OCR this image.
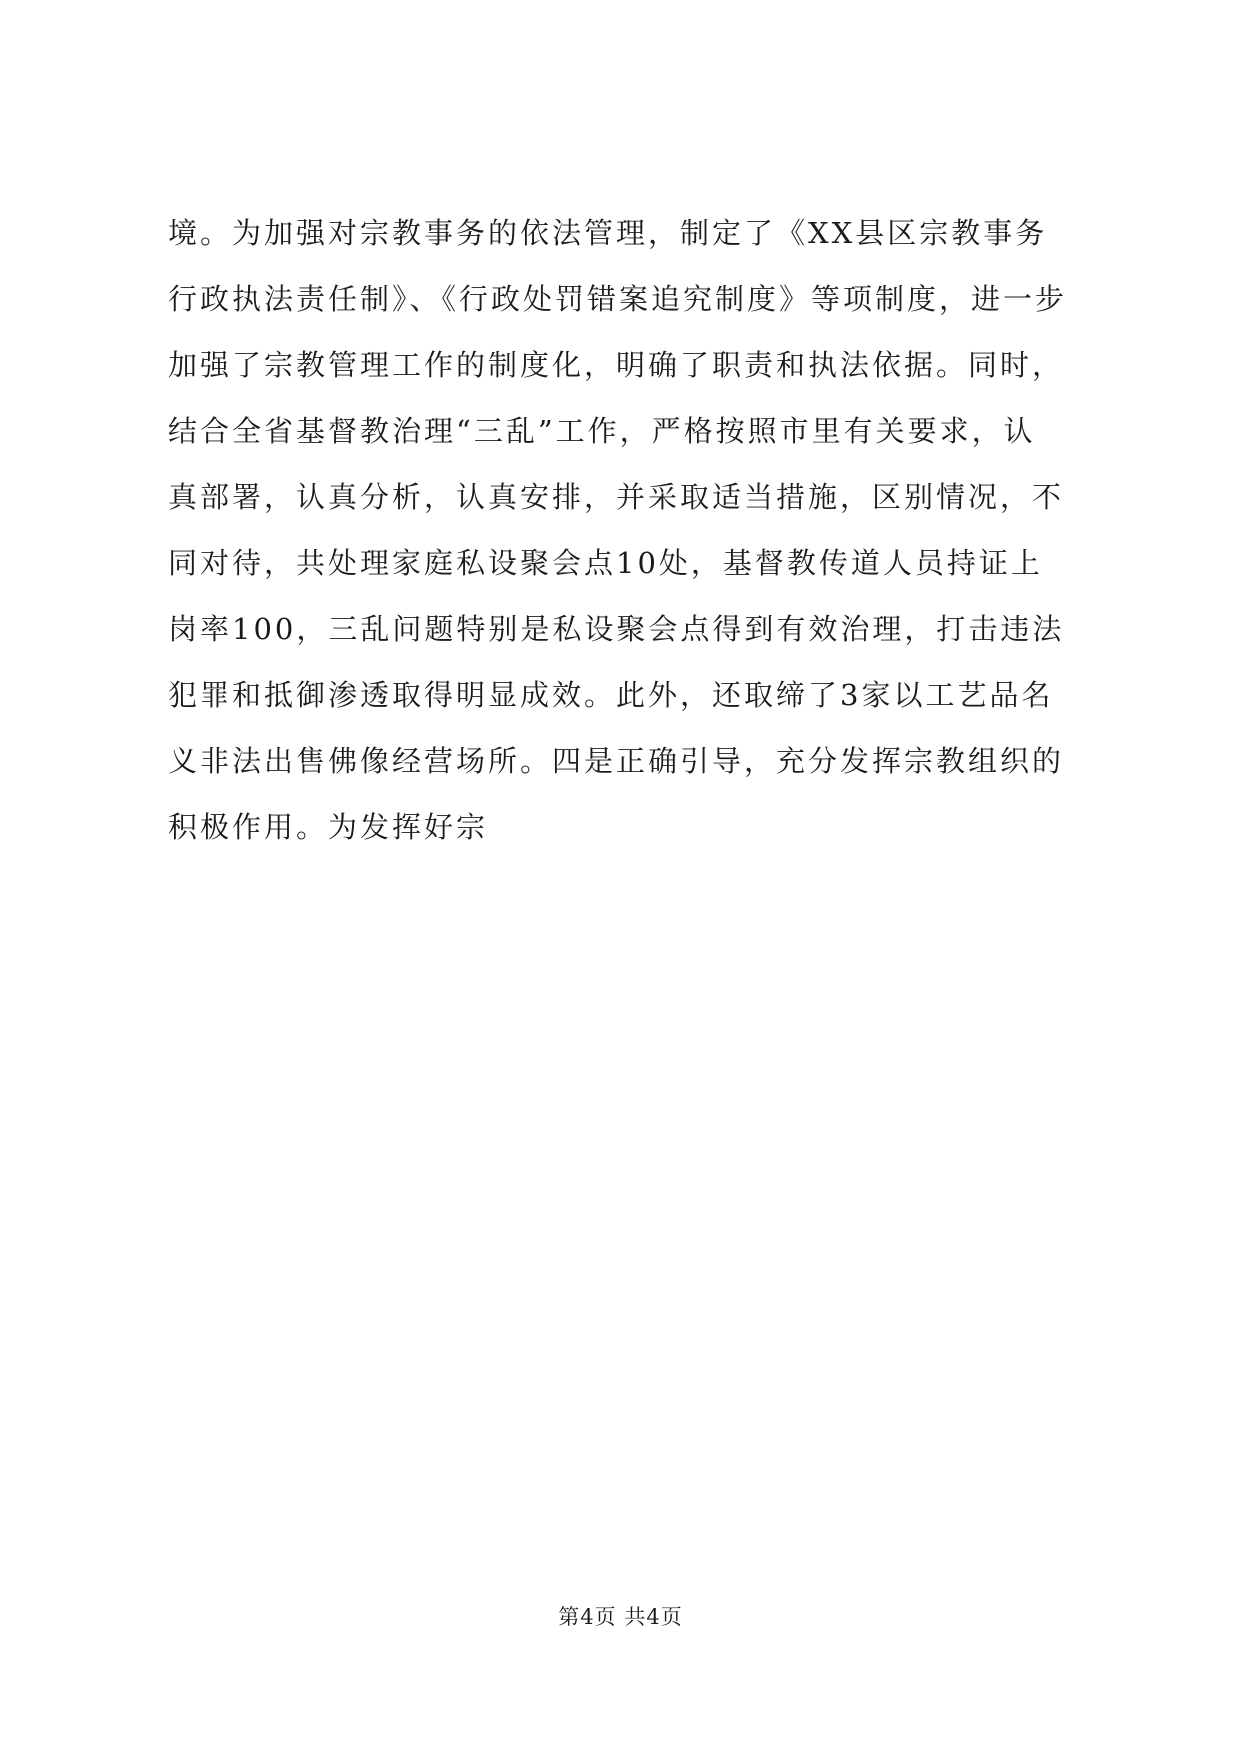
境。为加强对宗教事务的依法管理，制定了《XX县区宗教事务
行政执法责任制》、《行政处罚错案追究制度》等项制度，进一步
加强了宗教管理工作的制度化，明确了职责和执法依据。同时，
结合全省基督教治理“三乱”工作，严格按照市里有关要求，认
真部署，认真分析，认真安排，并采取适当措施，区别情况，不
同对待，共处理家庭私设聚会点10处，基督教传道人员持证上
岗率100，三乱问题特别是私设聚会点得到有效治理，打击违法
犯罪和抵御渗透取得明显成效。此外，还取缔了3家以工艺品名
义非法出售佛像经营场所。四是正确引导，充分发挥宗教组织的
积极作用。为发挥好宗
第4页 共4页
